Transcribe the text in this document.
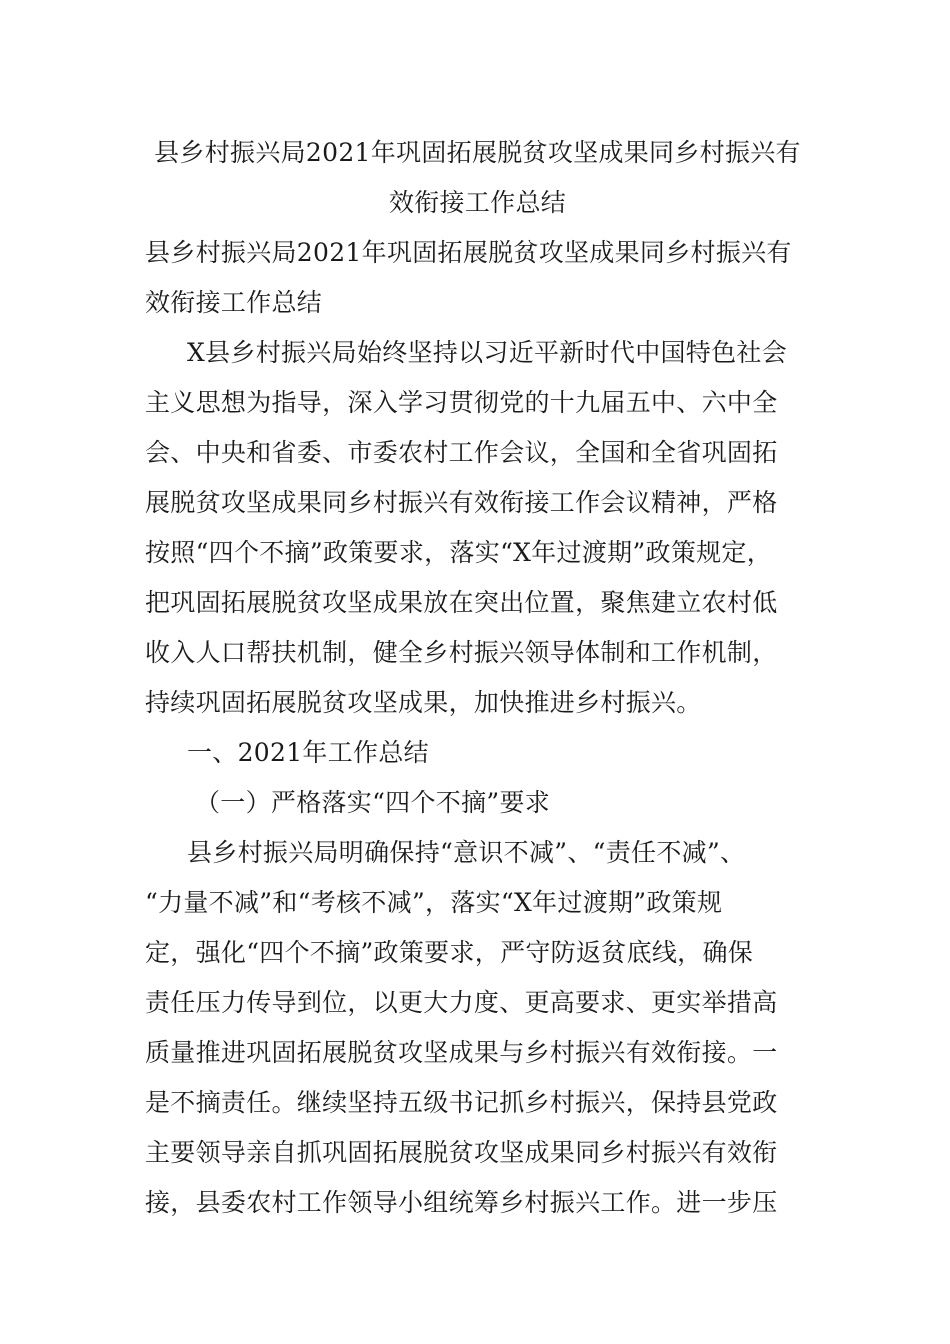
县乡村振兴局2021年巩固拓展脱贫攻坚成果同乡村振兴有
效衔接工作总结
县乡村振兴局2021年巩固拓展脱贫攻坚成果同乡村振兴有
效衔接工作总结
X县乡村振兴局始终坚持以习近平新时代中国特色社会
主义思想为指导，深入学习贯彻党的十九届五中、六中全
会、中央和省委、市委农村工作会议，全国和全省巩固拓
展脱贫攻坚成果同乡村振兴有效衔接工作会议精神，严格
按照“四个不摘”政策要求，落实“X年过渡期”政策规定，
把巩固拓展脱贫攻坚成果放在突出位置，聚焦建立农村低
收入人口帮扶机制，健全乡村振兴领导体制和工作机制，
持续巩固拓展脱贫攻坚成果，加快推进乡村振兴。
一、2021年工作总结
（一）严格落实“四个不摘”要求
县乡村振兴局明确保持“意识不减”、“责任不减”、
“力量不减”和“考核不减”，落实“X年过渡期”政策规
定，强化“四个不摘”政策要求，严守防返贫底线，确保
责任压力传导到位，以更大力度、更高要求、更实举措高
质量推进巩固拓展脱贫攻坚成果与乡村振兴有效衔接。一
是不摘责任。继续坚持五级书记抓乡村振兴，保持县党政
主要领导亲自抓巩固拓展脱贫攻坚成果同乡村振兴有效衔
接，县委农村工作领导小组统筹乡村振兴工作。进一步压
